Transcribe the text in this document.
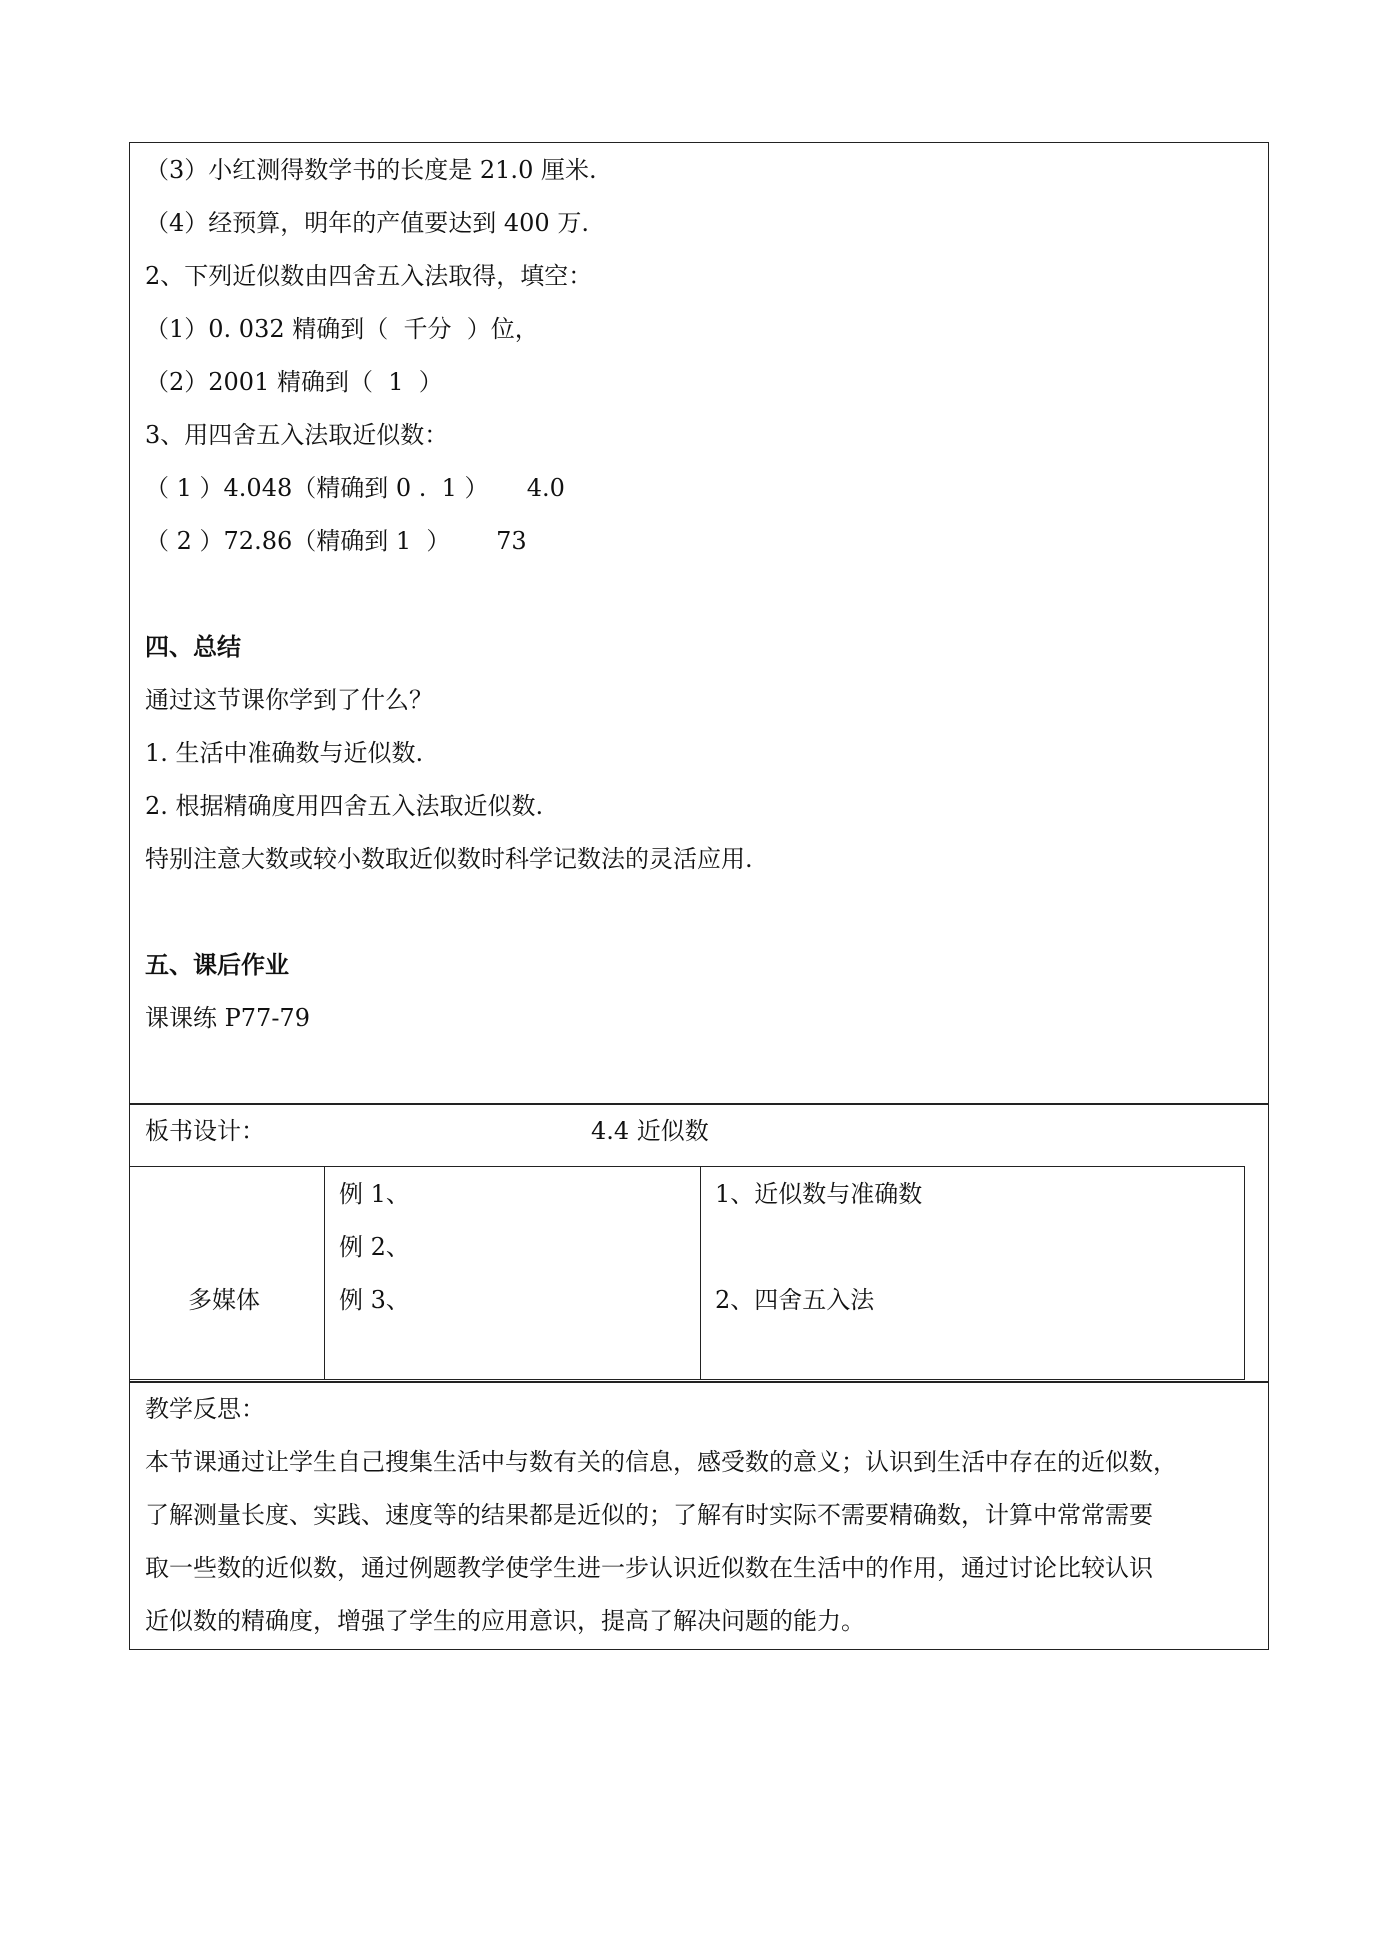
（3）小红测得数学书的长度是 21.0 厘米.
（4）经预算，明年的产值要达到 400 万.
2、下列近似数由四舍五入法取得，填空：
（1）0. 032 精确到（  千分  ）位，
（2）2001 精确到（  1  ）
3、用四舍五入法取近似数：
（ 1 ）4.048（精确到 0 .  1 ）     4.0
（ 2 ）72.86（精确到 1  ）      73
四、总结
通过这节课你学到了什么？
1. 生活中准确数与近似数.
2. 根据精确度用四舍五入法取近似数.
特别注意大数或较小数取近似数时科学记数法的灵活应用.
五、课后作业
课课练 P77-79
板书设计：	4.4 近似数
多媒体
例 1、
例 2、
例 3、
1、近似数与准确数
2、四舍五入法
教学反思：
本节课通过让学生自己搜集生活中与数有关的信息，感受数的意义；认识到生活中存在的近似数，
了解测量长度、实践、速度等的结果都是近似的；了解有时实际不需要精确数，计算中常常需要
取一些数的近似数，通过例题教学使学生进一步认识近似数在生活中的作用，通过讨论比较认识
近似数的精确度，增强了学生的应用意识，提高了解决问题的能力。
